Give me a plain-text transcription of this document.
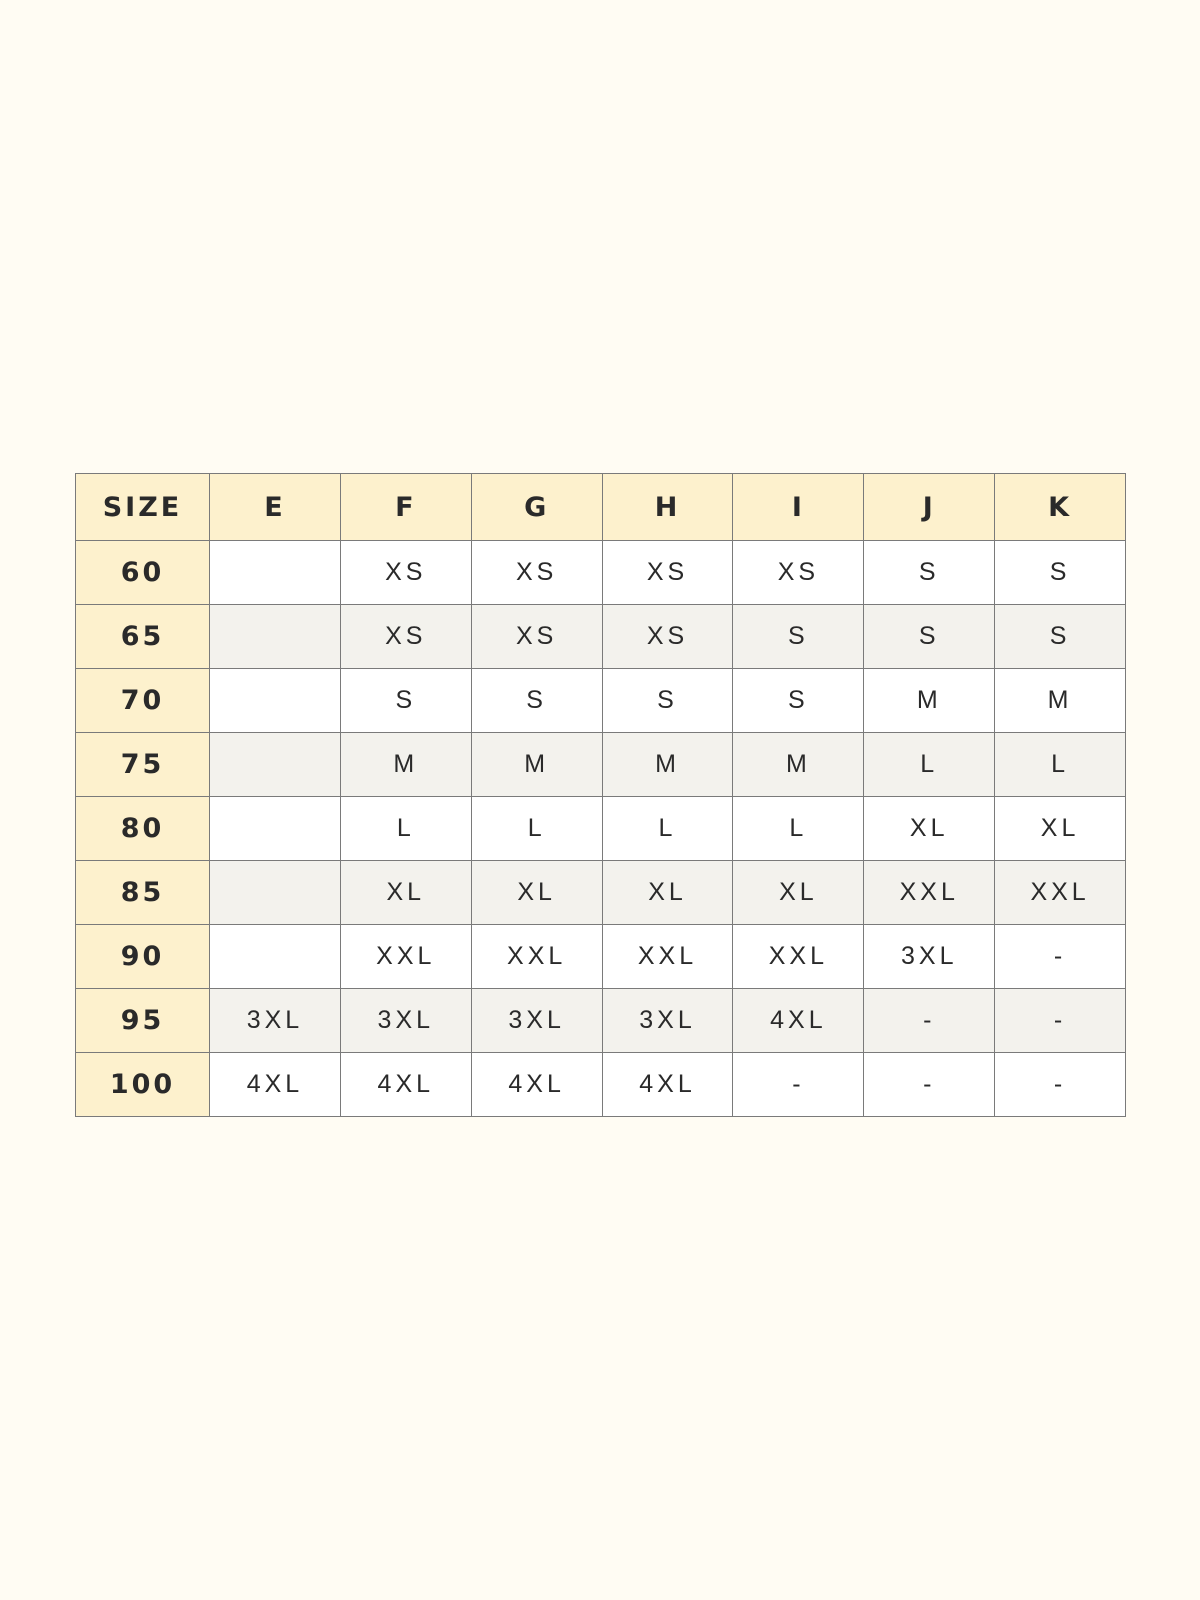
SIZE	E	F	G	H	I	J	K
60		XS	XS	XS	XS	S	S
65		XS	XS	XS	S	S	S
70		S	S	S	S	M	M
75		M	M	M	M	L	L
80		L	L	L	L	XL	XL
85		XL	XL	XL	XL	XXL	XXL
90		XXL	XXL	XXL	XXL	3XL	-
95	3XL	3XL	3XL	3XL	4XL	-	-
100	4XL	4XL	4XL	4XL	-	-	-
